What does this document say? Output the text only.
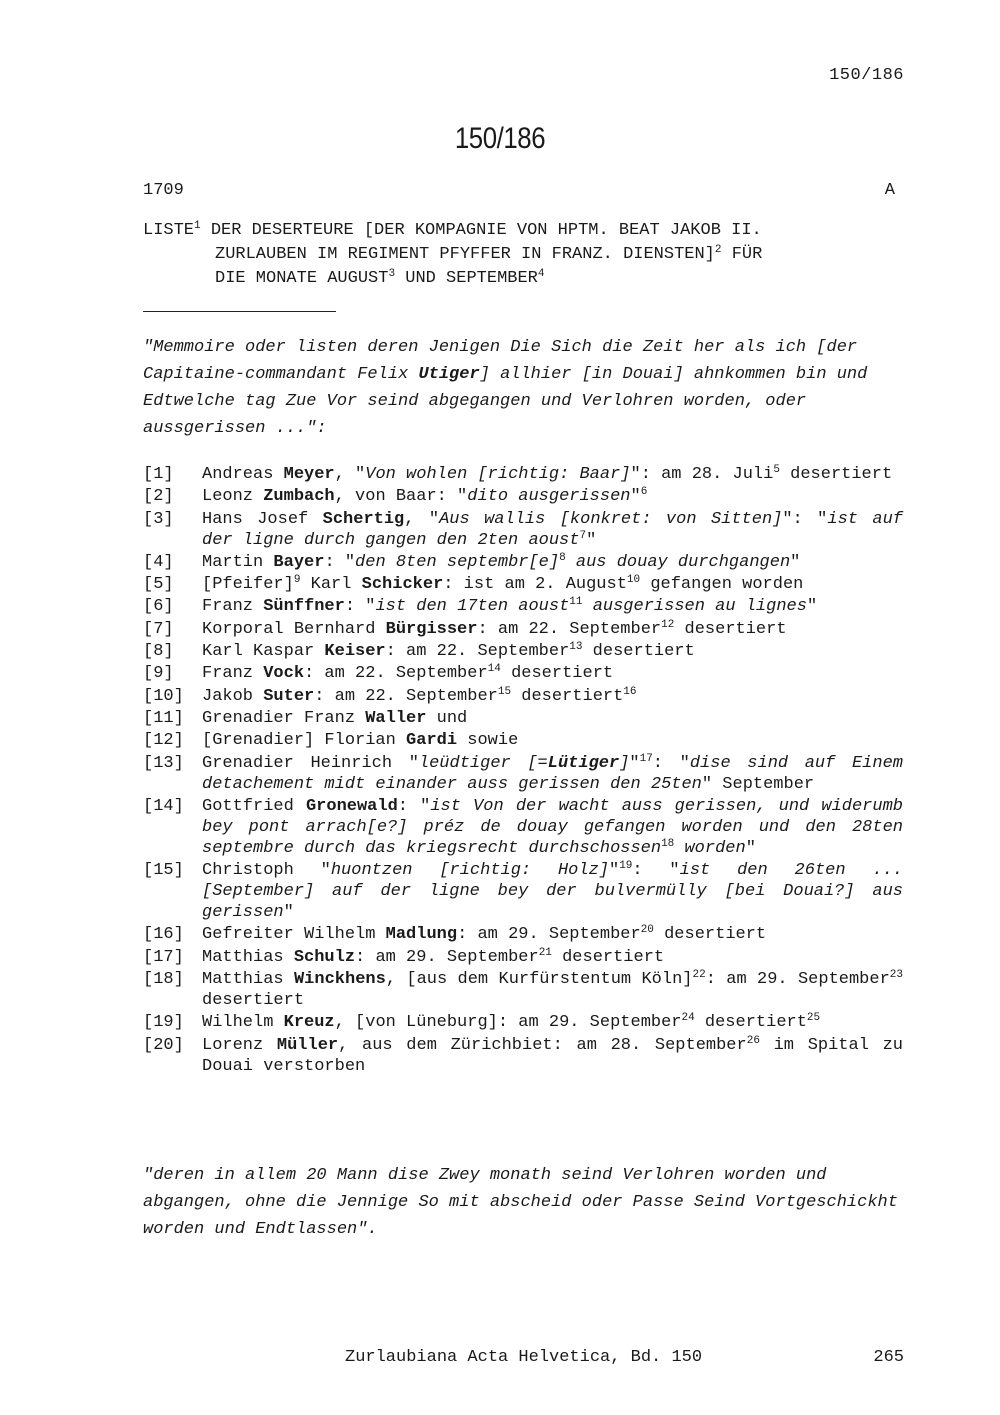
150/186
150/186
1709	A
LISTE$^1$ DER DESERTEURE [DER KOMPAGNIE VON HPTM. BEAT JAKOB II.
ZURLAUBEN IM REGIMENT PFYFFER IN FRANZ. DIENSTEN]$^2$ FÜR
DIE MONATE AUGUST$^3$ UND SEPTEMBER$^4$
"Memmoire oder listen deren Jenigen Die Sich die Zeit her als ich [der Capitaine-commandant Felix Utiger] allhier [in Douai] ahnkommen bin und Edtwelche tag Zue Vor seind abgegangen und Verlohren worden, oder aussgerissen ...":
[1]	Andreas Meyer, "Von wohlen [richtig: Baar]": am 28. Juli$^5$ desertiert
[2]	Leonz Zumbach, von Baar: "dito ausgerissen"$^6$
[3]	Hans Josef Schertig, "Aus wallis [konkret: von Sitten]": "ist auf der ligne durch gangen den 2ten aoust$^7$"
[4]	Martin Bayer: "den 8ten $septembr[e]^8$ aus douay durchgangen"
[5]	[Pfeifer]$^9$ Karl Schicker: ist am 2. August$^{10}$ gefangen worden
[6]	Franz Sünffner: "ist den 17ten aoust$^{11}$ ausgerissen au lignes"
[7]	Korporal Bernhard Bürgisser: am 22. September$^{12}$ desertiert
[8]	Karl Kaspar Keiser: am 22. September$^{13}$ desertiert
[9]	Franz Vock: am 22. September$^{14}$ desertiert
[10]	Jakob Suter: am 22. September$^{15}$ desertiert$^{16}$
[11]	Grenadier Franz Waller und
[12]	[Grenadier] Florian Gardi sowie
[13]	Grenadier Heinrich "leüdtiger [=Lütiger]"$^{17}$: "dise sind auf Einem detachement midt einander auss gerissen den 25ten" September
[14]	Gottfried Gronewald: "ist Von der wacht auss gerissen, und widerumb bey pont arrach[e?] préz de douay gefangen worden und den 28ten septembre durch das kriegsrecht durchschossen$^{18}$ worden"
[15]	Christoph "huontzen [richtig: Holz]"$^{19}$: "ist den 26ten ... [September] auf der ligne bey der bulvermülly [bei Douai?] aus gerissen"
[16]	Gefreiter Wilhelm Madlung: am 29. September$^{20}$ desertiert
[17]	Matthias Schulz: am 29. September$^{21}$ desertiert
[18]	Matthias Winckhens, [aus dem Kurfürstentum Köln]$^{22}$: am 29. September$^{23}$ desertiert
[19]	Wilhelm Kreuz, [von Lüneburg]: am 29. September$^{24}$ desertiert$^{25}$
[20]	Lorenz Müller, aus dem Zürichbiet: am 28. September$^{26}$ im Spital zu Douai verstorben
"deren in allem 20 Mann dise Zwey monath seind Verlohren worden und abgangen, ohne die Jennige So mit abscheid oder Passe Seind Vortgeschickht worden und Endtlassen".
Zurlaubiana Acta Helvetica, Bd. 150	265
